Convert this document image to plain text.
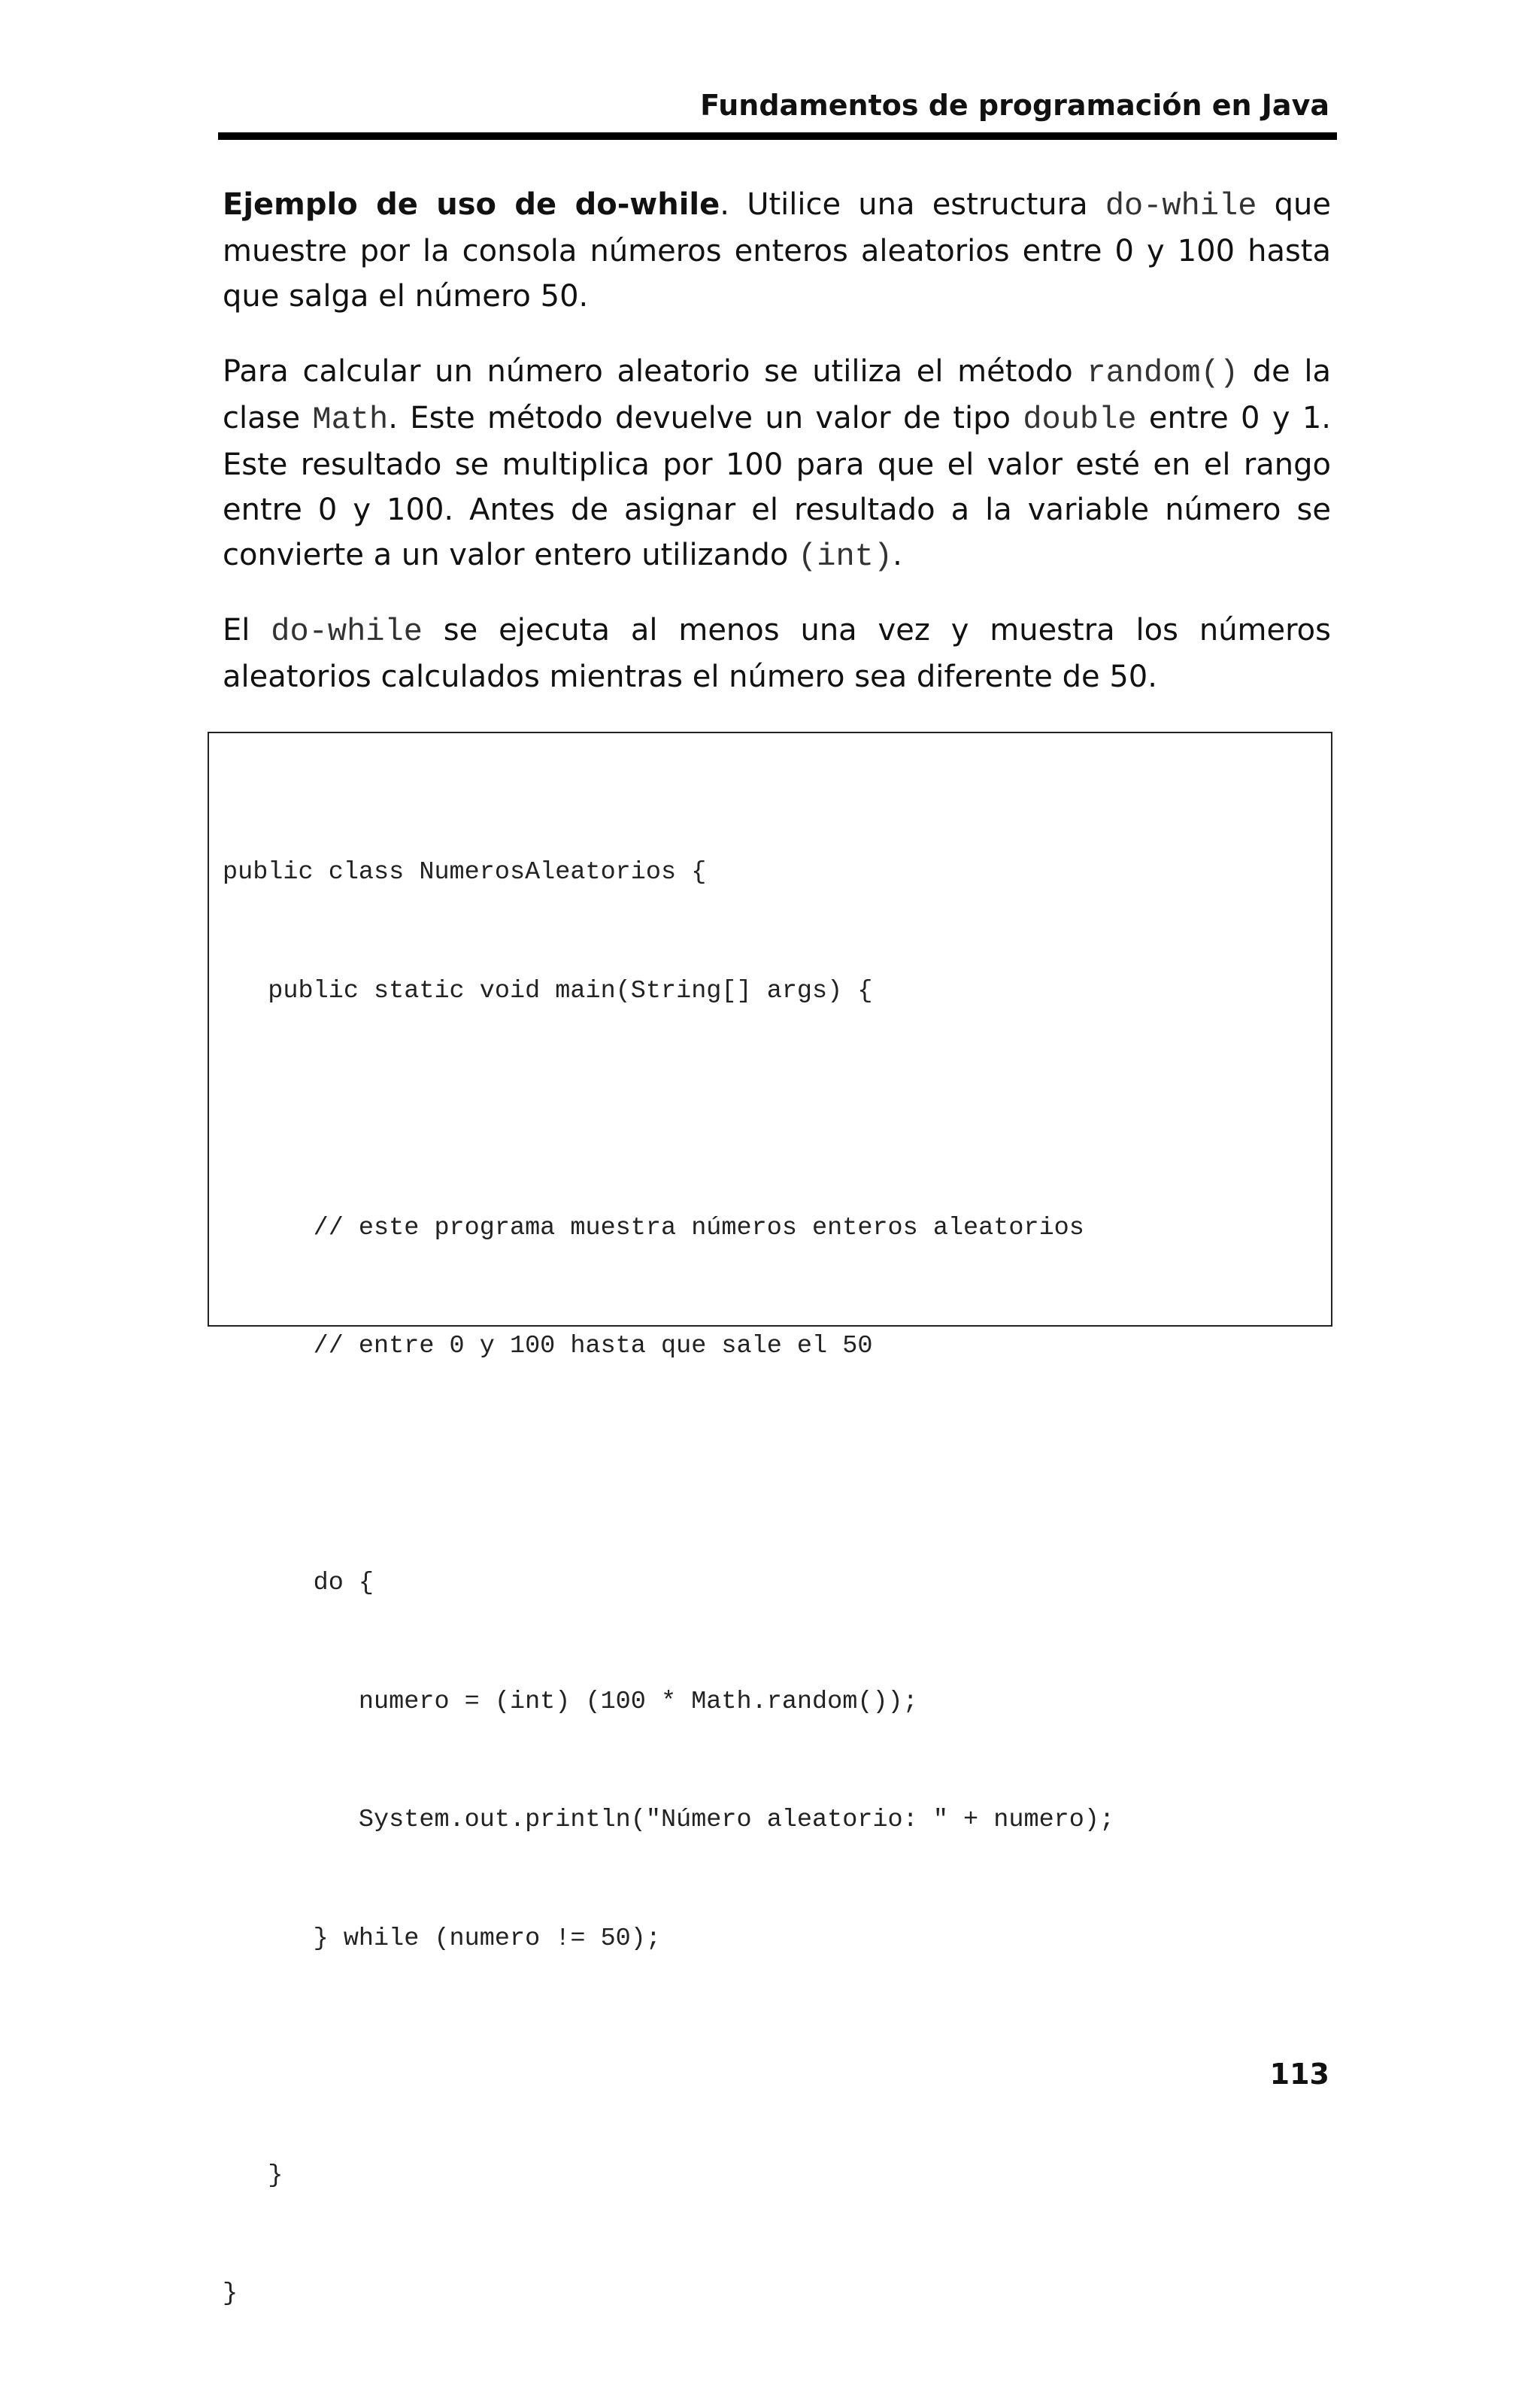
Fundamentos de programación en Java

Ejemplo de uso de do-while. Utilice una estructura do-while que muestre por la consola números enteros aleatorios entre 0 y 100 hasta que salga el número 50.

Para calcular un número aleatorio se utiliza el método random() de la clase Math. Este método devuelve un valor de tipo double entre 0 y 1. Este resultado se multiplica por 100 para que el valor esté en el rango entre 0 y 100. Antes de asignar el resultado a la variable número se convierte a un valor entero utilizando (int).

El do-while se ejecuta al menos una vez y muestra los números aleatorios calculados mientras el número sea diferente de 50.

public class NumerosAleatorios {

public static void main(String[] args) {

// este programa muestra números enteros aleatorios

// entre 0 y 100 hasta que sale el 50

do {

numero = (int) (100 * Math.random());

System.out.println("Número aleatorio: " + numero);

} while (numero != 50);

}

}

113
